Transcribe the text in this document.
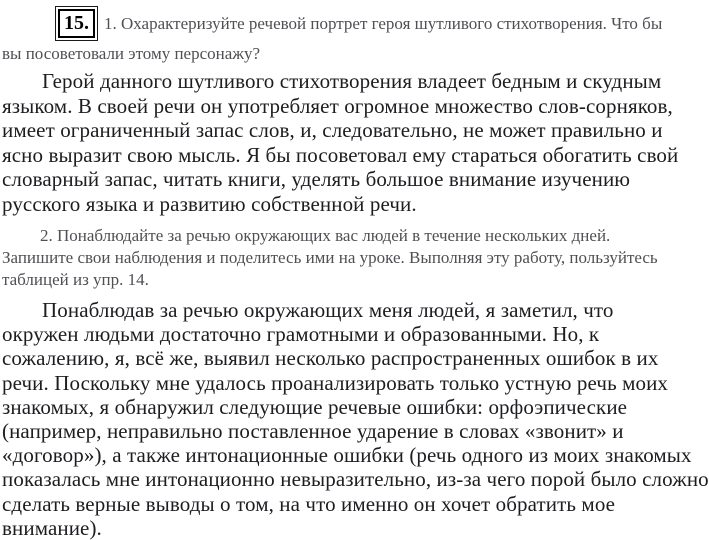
15. 1. Охарактеризуйте речевой портрет героя шутливого стихотворения. Что бы
вы посоветовали этому персонажу?
Герой данного шутливого стихотворения владеет бедным и скудным
языком. В своей речи он употребляет огромное множество слов-сорняков,
имеет ограниченный запас слов, и, следовательно, не может правильно и
ясно выразит свою мысль. Я бы посоветовал ему стараться обогатить свой
словарный запас, читать книги, уделять большое внимание изучению
русского языка и развитию собственной речи.
2. Понаблюдайте за речью окружающих вас людей в течение нескольких дней.
Запишите свои наблюдения и поделитесь ими на уроке. Выполняя эту работу, пользуйтесь
таблицей из упр. 14.
Понаблюдав за речью окружающих меня людей, я заметил, что
окружен людьми достаточно грамотными и образованными. Но, к
сожалению, я, всё же, выявил несколько распространенных ошибок в их
речи. Поскольку мне удалось проанализировать только устную речь моих
знакомых, я обнаружил следующие речевые ошибки: орфоэпические
(например, неправильно поставленное ударение в словах «звонит» и
«договор»), а также интонационные ошибки (речь одного из моих знакомых
показалась мне интонационно невыразительно, из-за чего порой было сложно
сделать верные выводы о том, на что именно он хочет обратить мое
внимание).
